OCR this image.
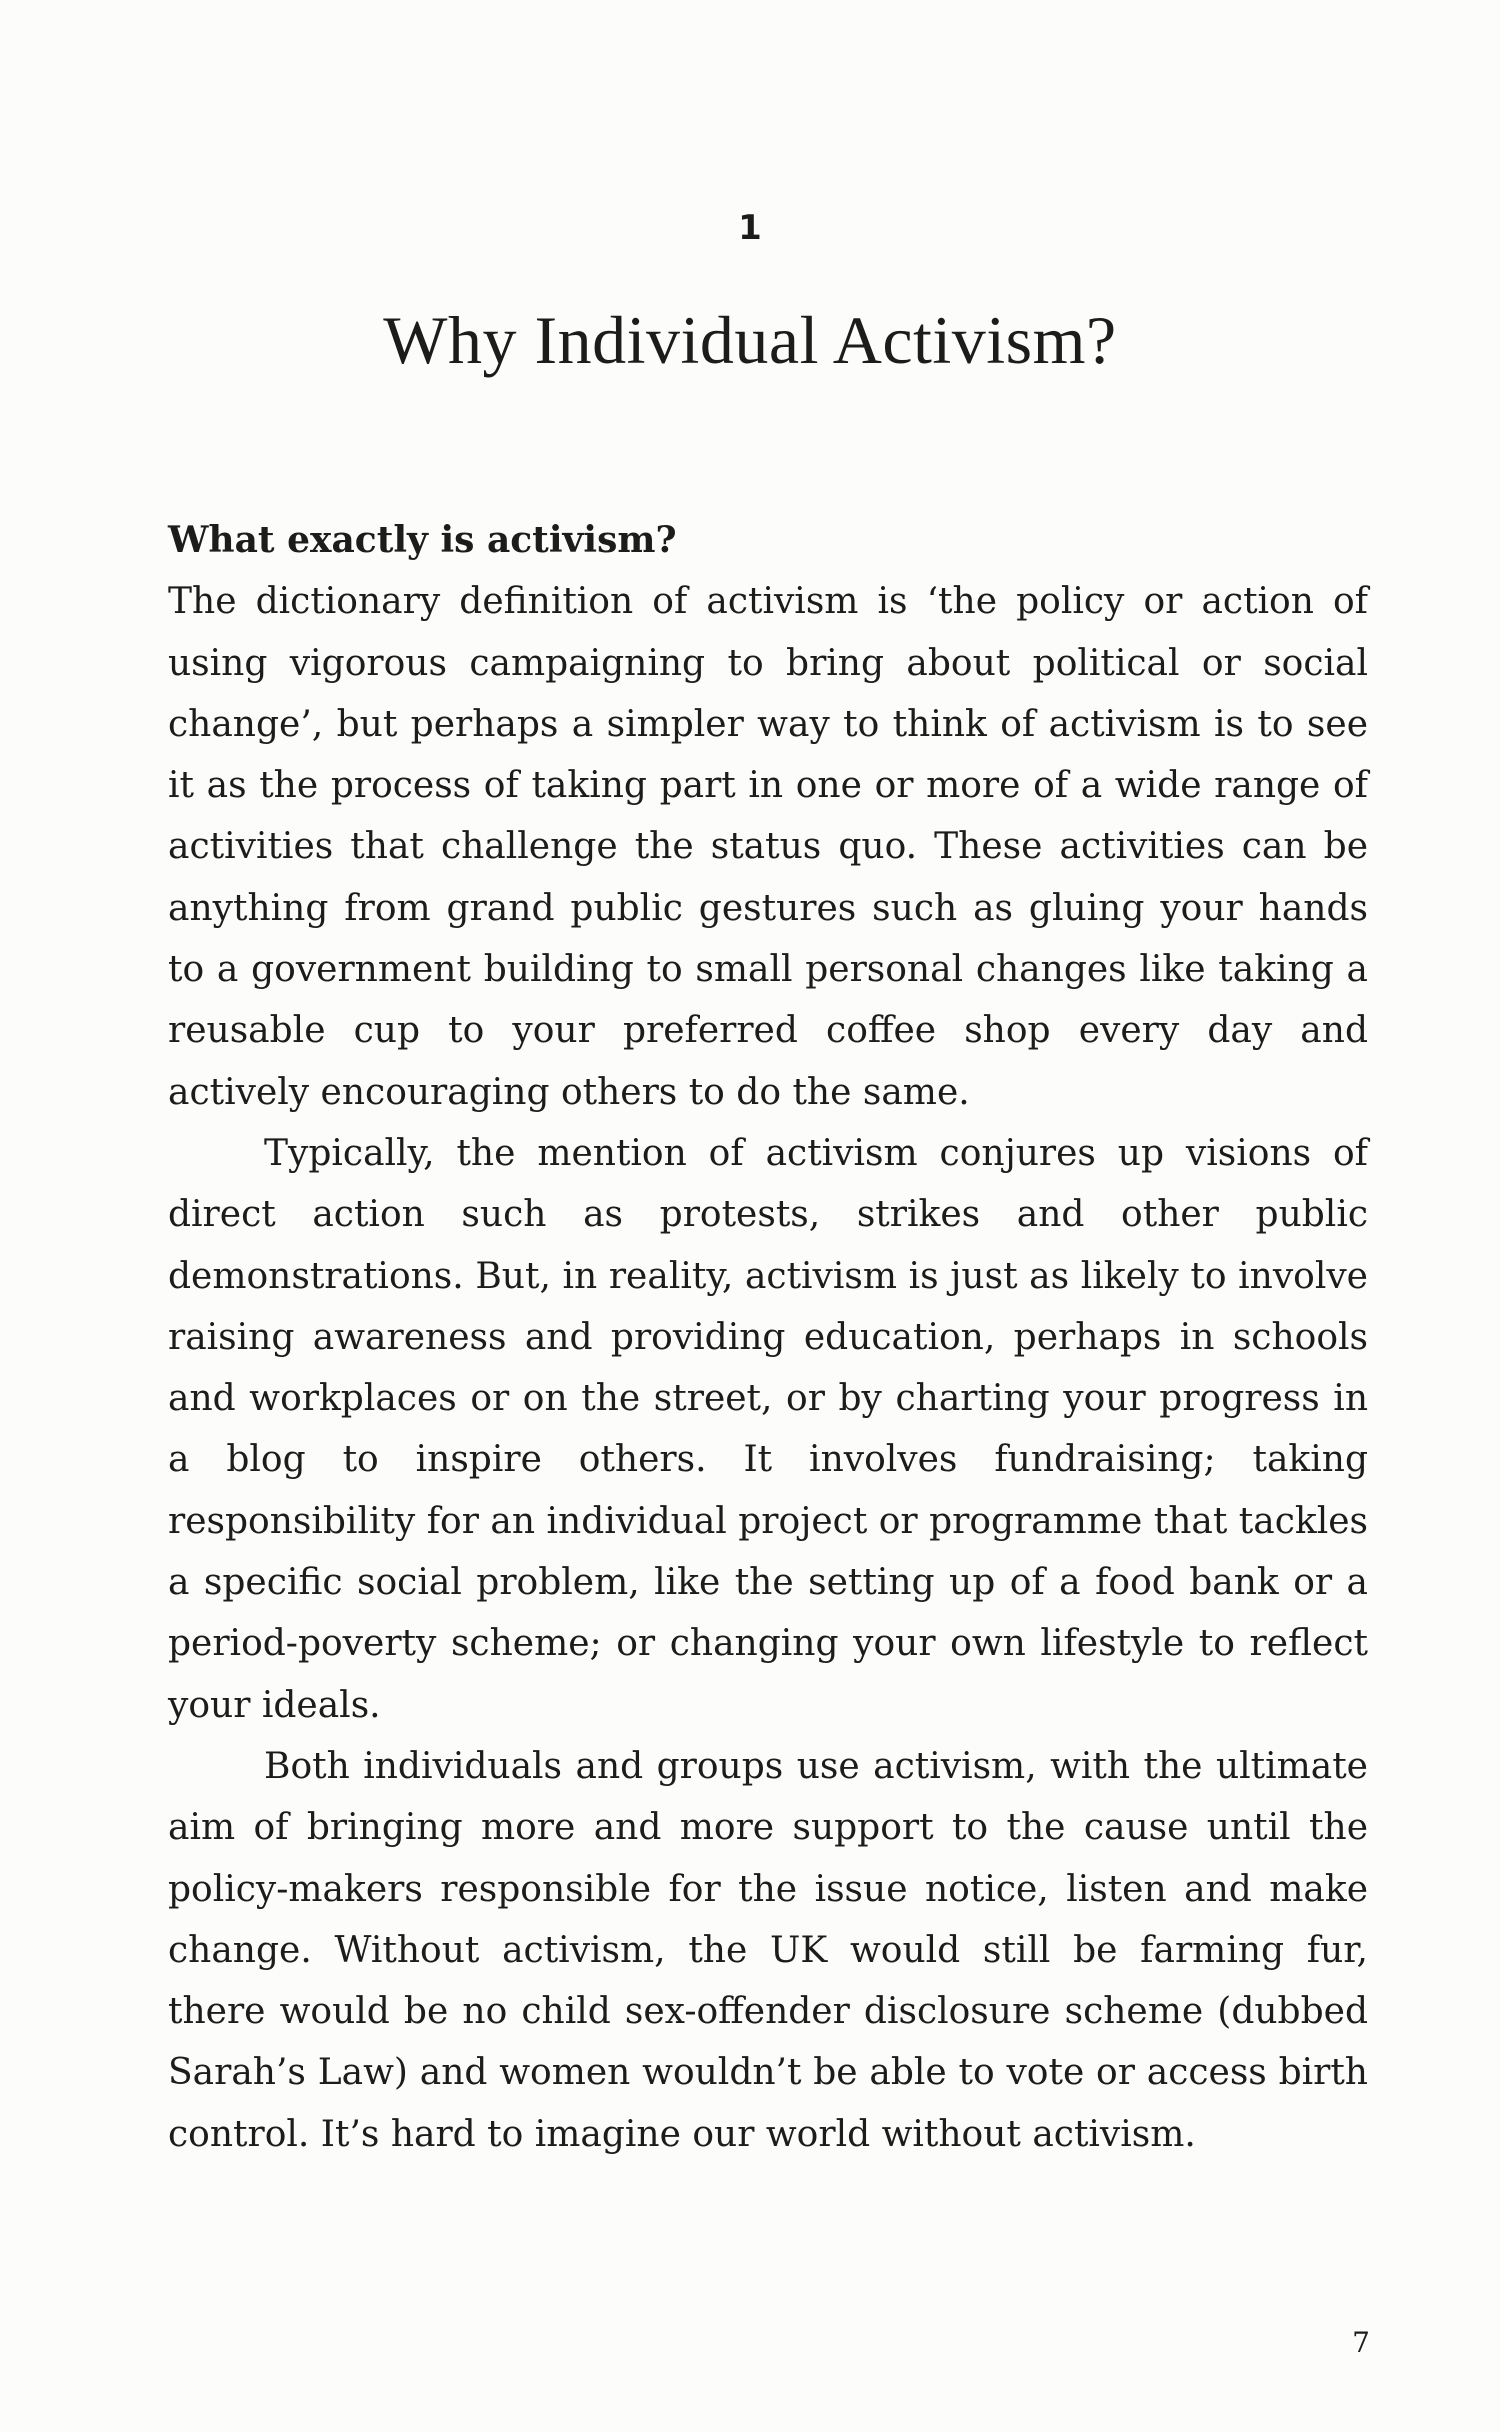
1
Why Individual Activism?
What exactly is activism?

The dictionary definition of activism is ‘the policy or action of using vigorous campaigning to bring about political or social change’, but perhaps a simpler way to think of activism is to see it as the process of taking part in one or more of a wide range of activities that challenge the status quo. These activities can be anything from grand public gestures such as gluing your hands to a government building to small personal changes like taking a reusable cup to your preferred coffee shop every day and actively encouraging others to do the same.

Typically, the mention of activism conjures up visions of direct action such as protests, strikes and other public demonstrations. But, in reality, activism is just as likely to involve raising awareness and providing education, perhaps in schools and workplaces or on the street, or by charting your progress in a blog to inspire others. It involves fundraising; taking responsibility for an individual project or programme that tackles a specific social problem, like the setting up of a food bank or a period-poverty scheme; or changing your own lifestyle to reflect your ideals.

Both individuals and groups use activism, with the ultimate aim of bringing more and more support to the cause until the policy-makers responsible for the issue notice, listen and make change. Without activism, the UK would still be farming fur, there would be no child sex-offender disclosure scheme (dubbed Sarah’s Law) and women wouldn’t be able to vote or access birth control. It’s hard to imagine our world without activism.

7
